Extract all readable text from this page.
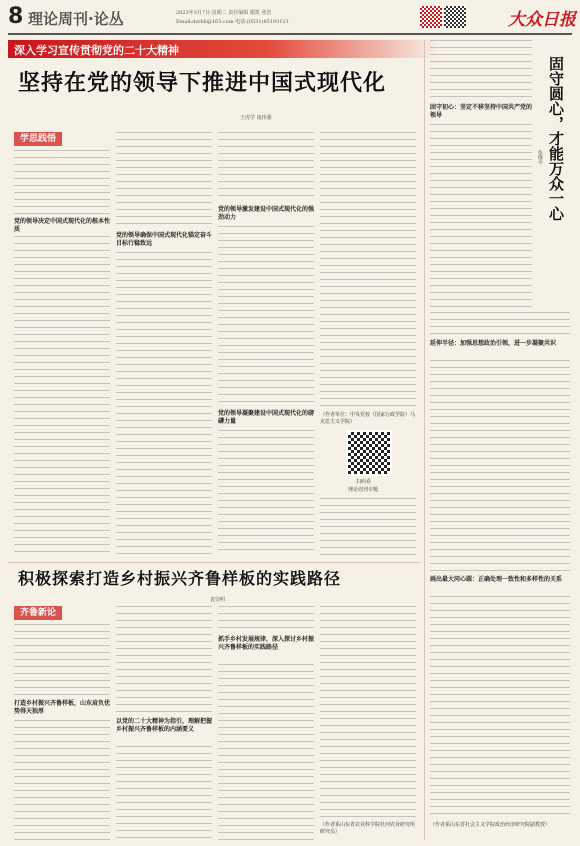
8 理论周刊·论丛	2023年3月7日 星期二 责任编辑 谢凯 张浩
Email:dzrbll@163.com 电话:(0531)85193121	大众日报
深入学习宣传贯彻党的二十大精神
坚持在党的领导下推进中国式现代化
王虎学 凌伟强
学思践悟
党的领导决定中国式现代化的根本性质
党的领导确保中国式现代化锚定奋斗目标行稳致远
党的领导激发建设中国式现代化的强劲动力
党的领导凝聚建设中国式现代化的磅礴力量
（作者单位：中央党校（国家行政学院）马克思主义学院）
扫码看
理论周刊专题
积极探索打造乡村振兴齐鲁样板的实践路径
袁崇明
齐鲁新论
打造乡村振兴齐鲁样板，山东肩负优势得天独厚
以党的二十大精神为指引，理解把握乡村振兴齐鲁样板的内涵要义
抓手乡村发展规律，深入探讨乡村振兴齐鲁样板的实践路径
（作者系山东省农业科学院杜河农业研究所研究员）
固守圆心，才能万众一心
张继平
固守初心：坚定不移坚持中国共产党的领导
延伸半径：加强思想政治引领，进一步凝聚共识
画出最大同心圆：正确处理一致性和多样性的关系
（作者系山东省社会主义学院政治经济研究院副教授）
